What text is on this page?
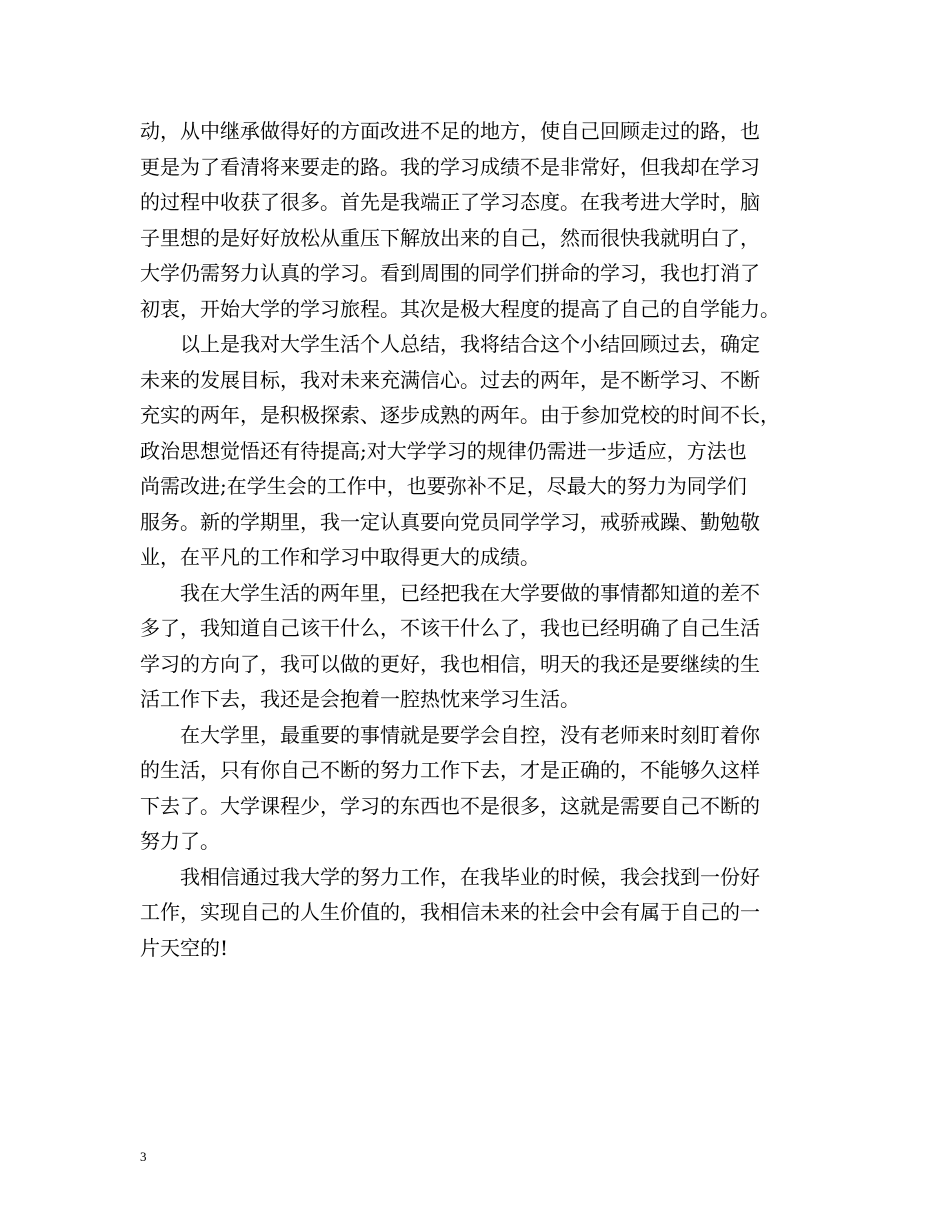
动，从中继承做得好的方面改进不足的地方，使自己回顾走过的路，也
更是为了看清将来要走的路。我的学习成绩不是非常好，但我却在学习
的过程中收获了很多。首先是我端正了学习态度。在我考进大学时，脑
子里想的是好好放松从重压下解放出来的自己，然而很快我就明白了，
大学仍需努力认真的学习。看到周围的同学们拼命的学习，我也打消了
初衷，开始大学的学习旅程。其次是极大程度的提高了自己的自学能力。
　　以上是我对大学生活个人总结，我将结合这个小结回顾过去，确定
未来的发展目标，我对未来充满信心。过去的两年，是不断学习、不断
充实的两年，是积极探索、逐步成熟的两年。由于参加党校的时间不长，
政治思想觉悟还有待提高;对大学学习的规律仍需进一步适应，方法也
尚需改进;在学生会的工作中，也要弥补不足，尽最大的努力为同学们
服务。新的学期里，我一定认真要向党员同学学习，戒骄戒躁、勤勉敬
业，在平凡的工作和学习中取得更大的成绩。
　　我在大学生活的两年里，已经把我在大学要做的事情都知道的差不
多了，我知道自己该干什么，不该干什么了，我也已经明确了自己生活
学习的方向了，我可以做的更好，我也相信，明天的我还是要继续的生
活工作下去，我还是会抱着一腔热忱来学习生活。
　　在大学里，最重要的事情就是要学会自控，没有老师来时刻盯着你
的生活，只有你自己不断的努力工作下去，才是正确的，不能够久这样
下去了。大学课程少，学习的东西也不是很多，这就是需要自己不断的
努力了。
　　我相信通过我大学的努力工作，在我毕业的时候，我会找到一份好
工作，实现自己的人生价值的，我相信未来的社会中会有属于自己的一
片天空的!
3
